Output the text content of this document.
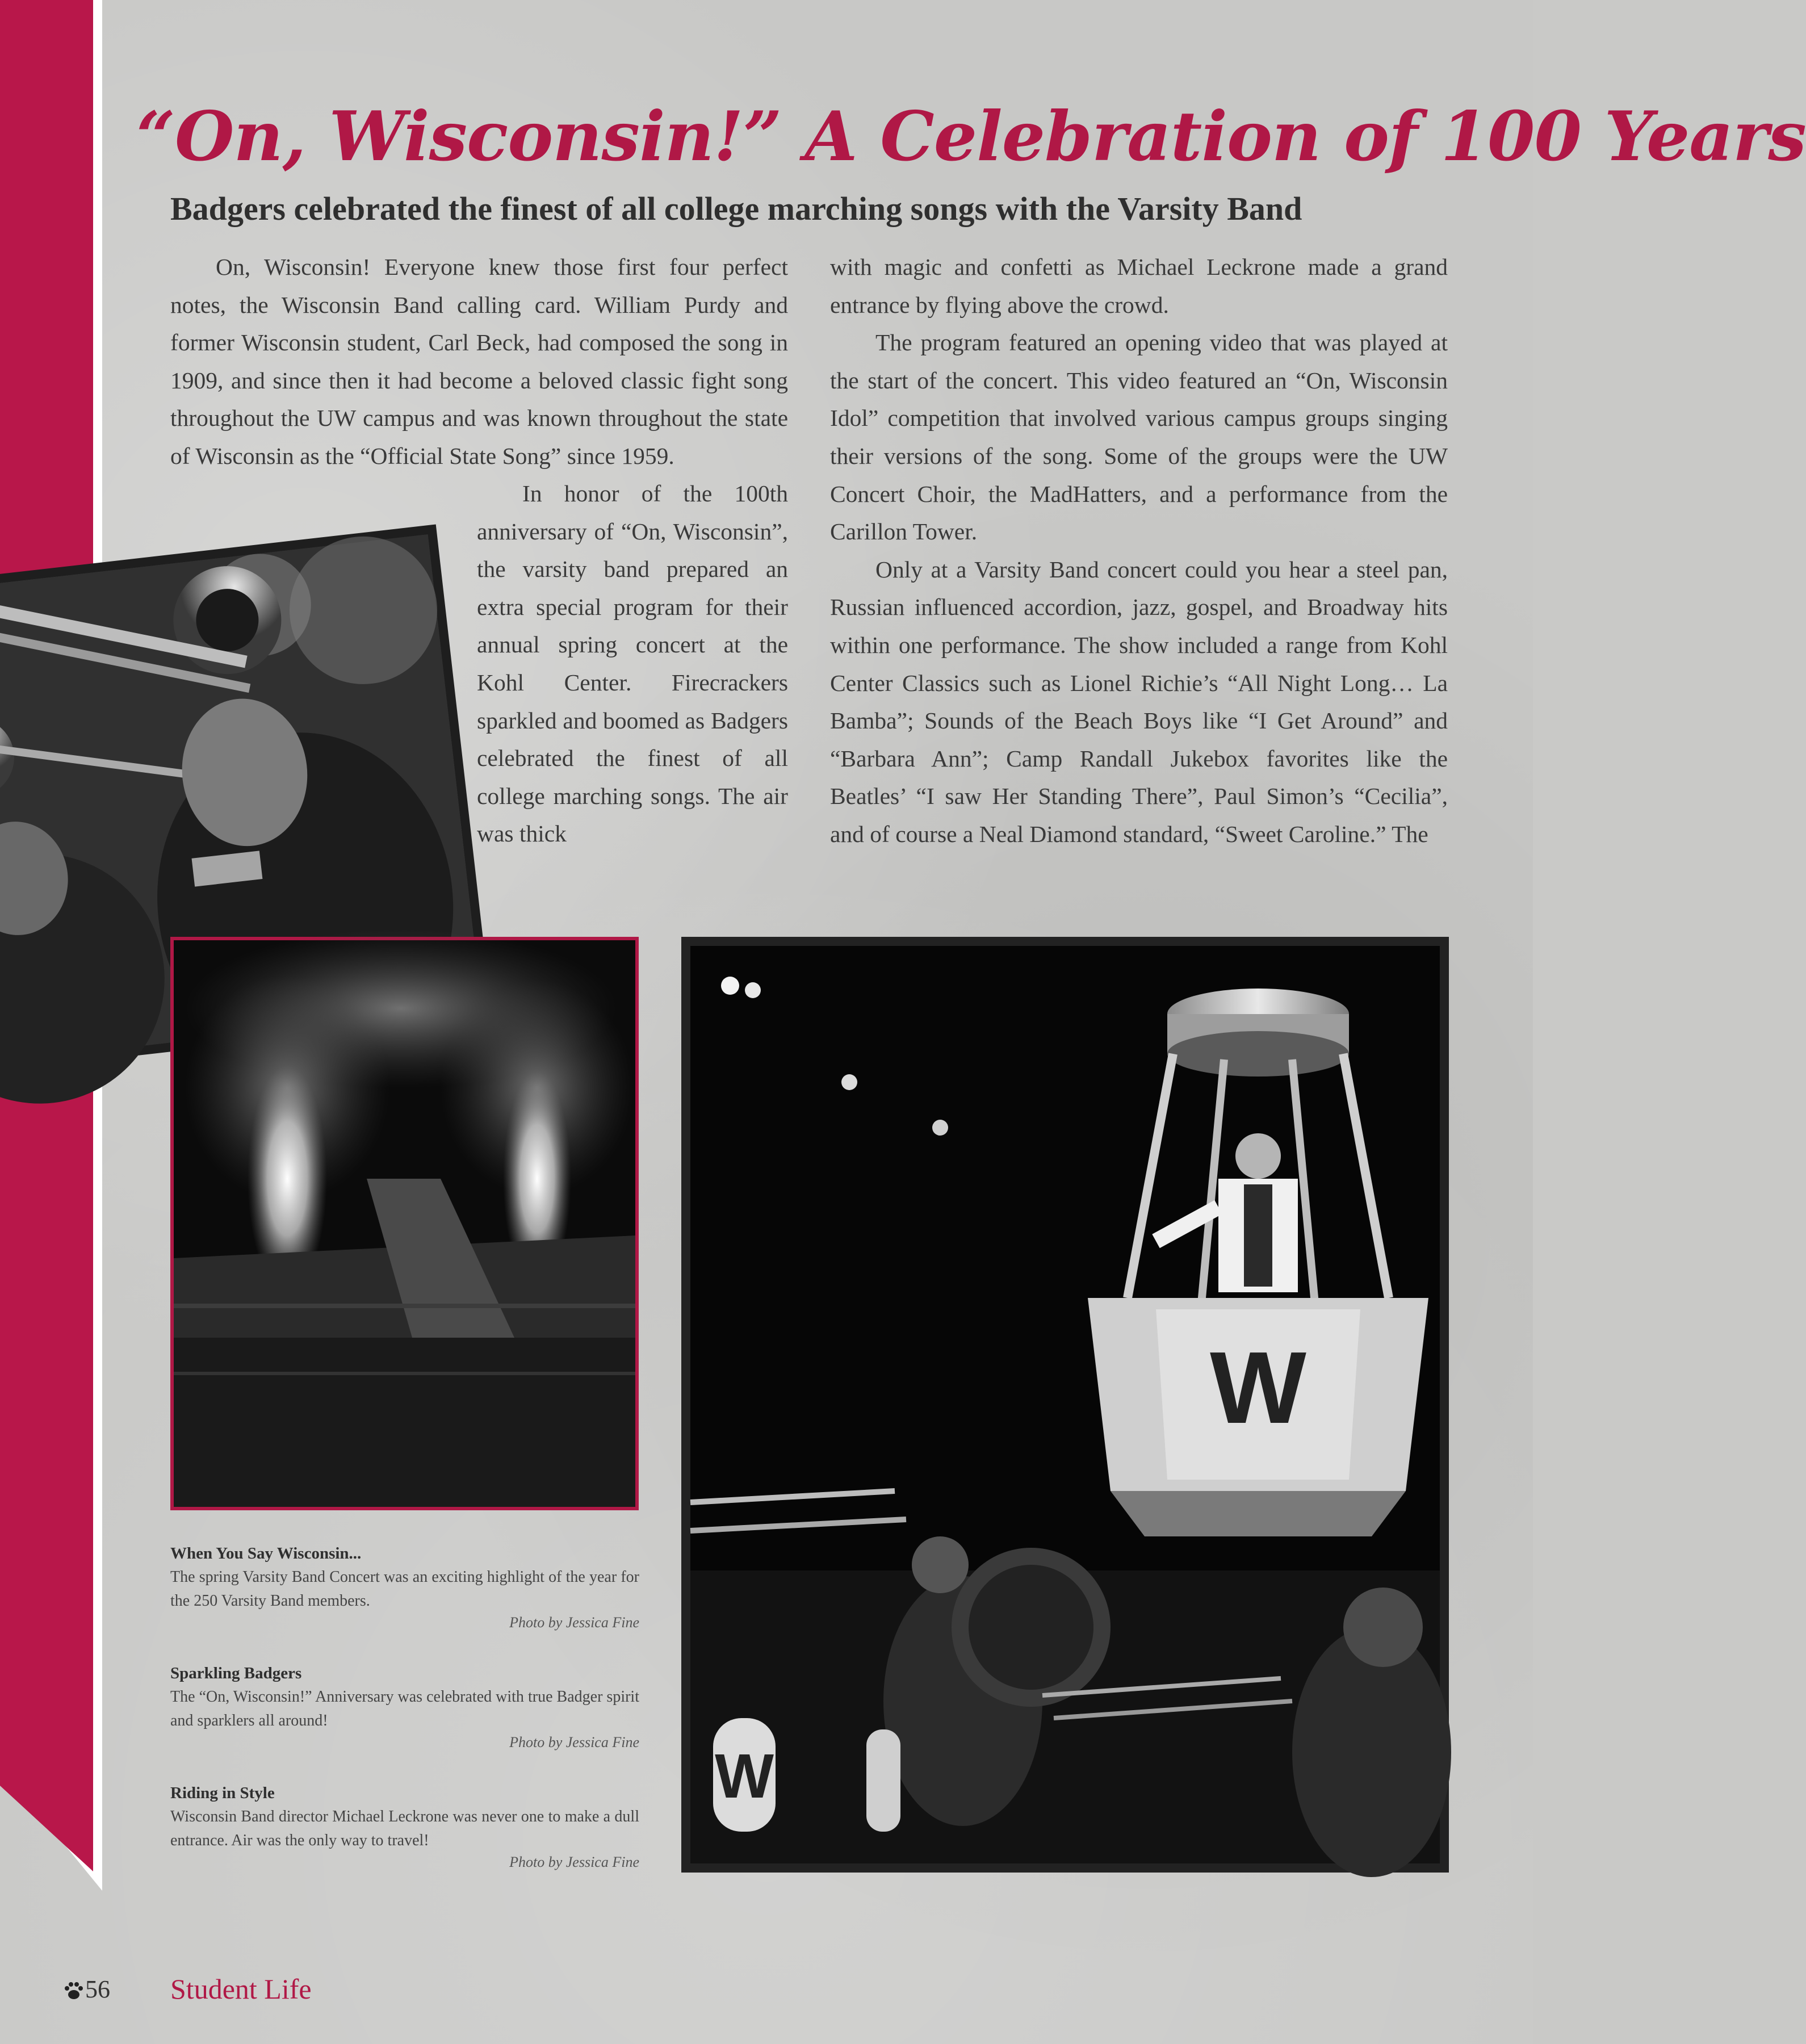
“On, Wisconsin!” A Celebration of 100 Years
Badgers celebrated the finest of all college marching songs with the Varsity Band

On, Wisconsin! Everyone knew those first four perfect notes, the Wisconsin Band calling card. William Purdy and former Wisconsin student, Carl Beck, had composed the song in 1909, and since then it had become a beloved classic fight song throughout the UW campus and was known throughout the state of Wisconsin as the “Official State Song” since 1959.

In honor of the 100th anniversary of “On, Wisconsin”, the varsity band prepared an extra special program for their annual spring concert at the Kohl Center. Firecrackers sparkled and boomed as Badgers celebrated the finest of all college marching songs. The air was thick

with magic and confetti as Michael Leckrone made a grand entrance by flying above the crowd.

The program featured an opening video that was played at the start of the concert. This video featured an “On, Wisconsin Idol” competition that involved various campus groups singing their versions of the song. Some of the groups were the UW Concert Choir, the MadHatters, and a performance from the Carillon Tower.

Only at a Varsity Band concert could you hear a steel pan, Russian influenced accordion, jazz, gospel, and Broadway hits within one performance. The show included a range from Kohl Center Classics such as Lionel Richie’s “All Night Long… La Bamba”; Sounds of the Beach Boys like “I Get Around” and “Barbara Ann”; Camp Randall Jukebox favorites like the Beatles’ “I saw Her Standing There”, Paul Simon’s “Cecilia”, and of course a Neal Diamond standard, “Sweet Caroline.” The

W
W

When You Say Wisconsin...

The spring Varsity Band Concert was an exciting highlight of the year for the 250 Varsity Band members.

Photo by Jessica Fine

Sparkling Badgers

The “On, Wisconsin!” Anniversary was celebrated with true Badger spirit and sparklers all around!

Photo by Jessica Fine

Riding in Style

Wisconsin Band director Michael Leckrone was never one to make a dull entrance. Air was the only way to travel!

Photo by Jessica Fine

56 Student Life
